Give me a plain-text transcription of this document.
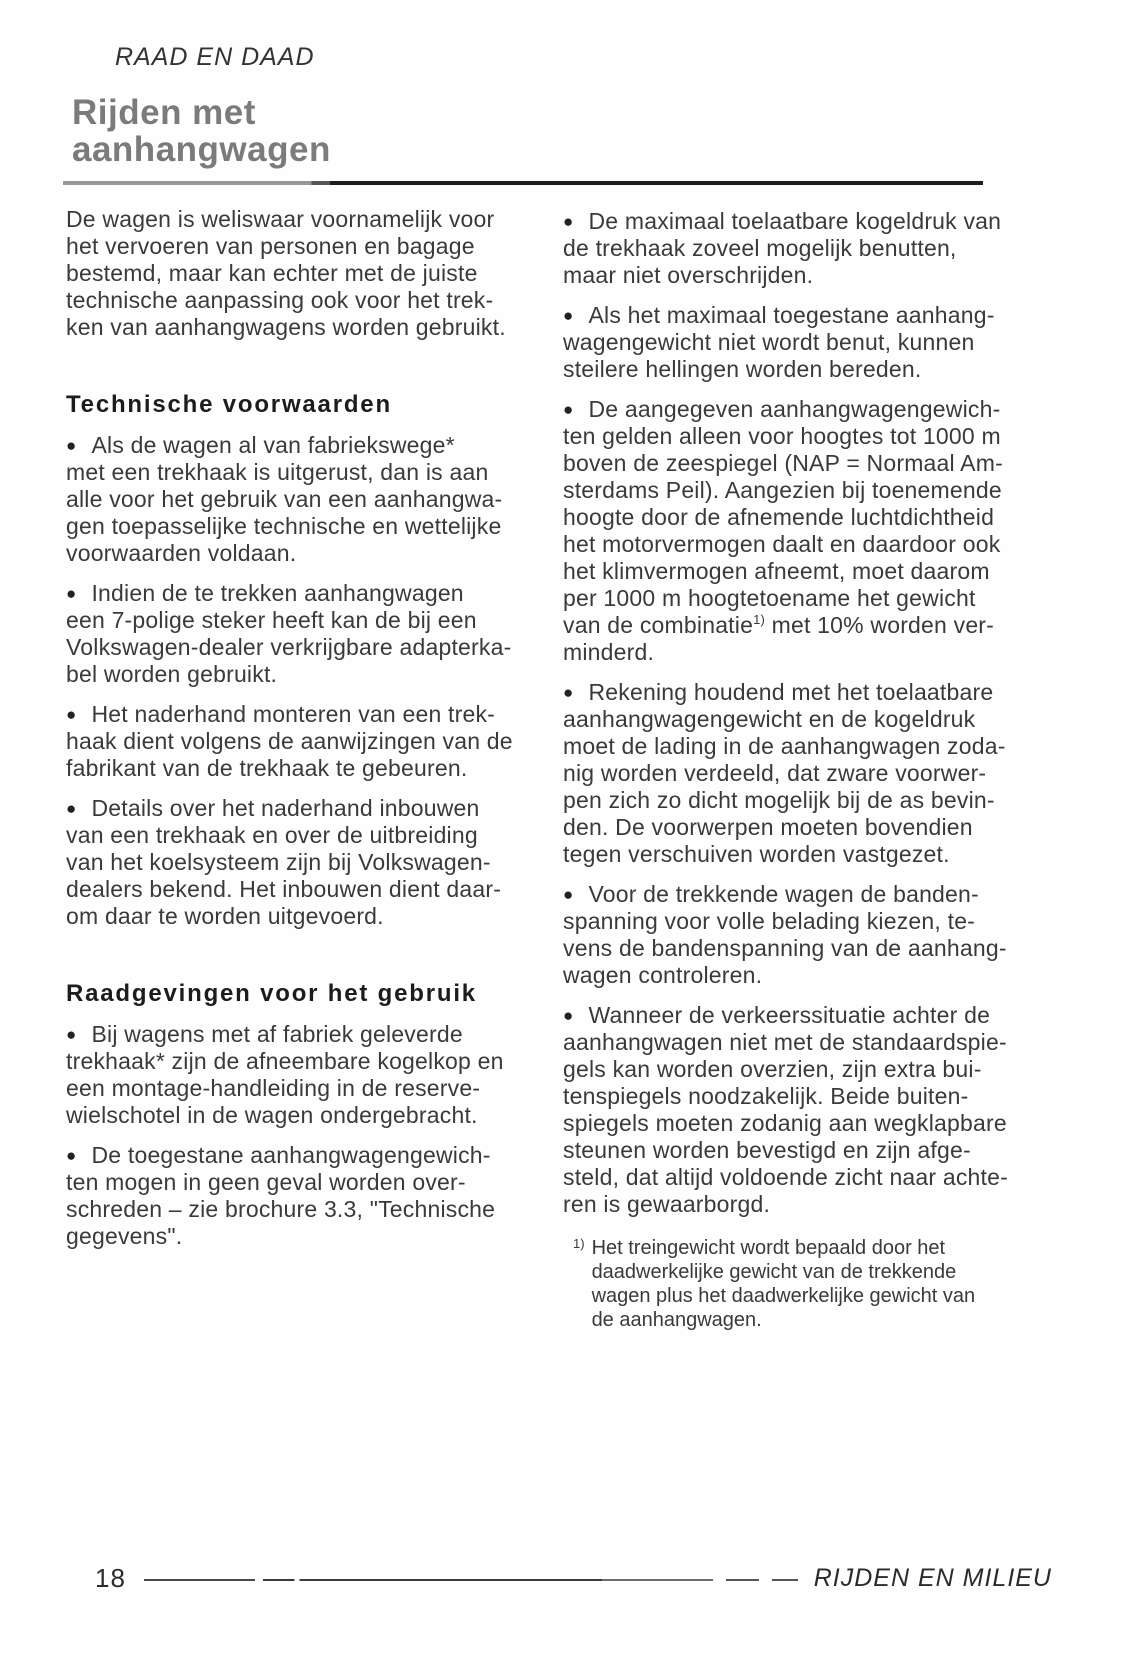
RAAD EN DAAD
Rijden met
aanhangwagen

De wagen is weliswaar voornamelijk voor
het vervoeren van personen en bagage
bestemd, maar kan echter met de juiste
technische aanpassing ook voor het trek-
ken van aanhangwagens worden gebruikt.

Technische voorwaarden

● Als de wagen al van fabriekswege*
met een trekhaak is uitgerust, dan is aan
alle voor het gebruik van een aanhangwa-
gen toepasselijke technische en wettelijke
voorwaarden voldaan.

● Indien de te trekken aanhangwagen
een 7-polige steker heeft kan de bij een
Volkswagen-dealer verkrijgbare adapterka-
bel worden gebruikt.

● Het naderhand monteren van een trek-
haak dient volgens de aanwijzingen van de
fabrikant van de trekhaak te gebeuren.

● Details over het naderhand inbouwen
van een trekhaak en over de uitbreiding
van het koelsysteem zijn bij Volkswagen-
dealers bekend. Het inbouwen dient daar-
om daar te worden uitgevoerd.

Raadgevingen voor het gebruik

● Bij wagens met af fabriek geleverde
trekhaak* zijn de afneembare kogelkop en
een montage-handleiding in de reserve-
wielschotel in de wagen ondergebracht.

● De toegestane aanhangwagengewich-
ten mogen in geen geval worden over-
schreden – zie brochure 3.3, "Technische
gegevens".

● De maximaal toelaatbare kogeldruk van
de trekhaak zoveel mogelijk benutten,
maar niet overschrijden.

● Als het maximaal toegestane aanhang-
wagengewicht niet wordt benut, kunnen
steilere hellingen worden bereden.

● De aangegeven aanhangwagengewich-
ten gelden alleen voor hoogtes tot 1000 m
boven de zeespiegel (NAP = Normaal Am-
sterdams Peil). Aangezien bij toenemende
hoogte door de afnemende luchtdichtheid
het motorvermogen daalt en daardoor ook
het klimvermogen afneemt, moet daarom
per 1000 m hoogtetoename het gewicht
van de combinatie$^{1)}$ met 10% worden ver-
minderd.

● Rekening houdend met het toelaatbare
aanhangwagengewicht en de kogeldruk
moet de lading in de aanhangwagen zoda-
nig worden verdeeld, dat zware voorwer-
pen zich zo dicht mogelijk bij de as bevin-
den. De voorwerpen moeten bovendien
tegen verschuiven worden vastgezet.

● Voor de trekkende wagen de banden-
spanning voor volle belading kiezen, te-
vens de bandenspanning van de aanhang-
wagen controleren.

● Wanneer de verkeerssituatie achter de
aanhangwagen niet met de standaardspie-
gels kan worden overzien, zijn extra bui-
tenspiegels noodzakelijk. Beide buiten-
spiegels moeten zodanig aan wegklapbare
steunen worden bevestigd en zijn afge-
steld, dat altijd voldoende zicht naar achte-
ren is gewaarborgd.

1) Het treingewicht wordt bepaald door het
daadwerkelijke gewicht van de trekkende
wagen plus het daadwerkelijke gewicht van
de aanhangwagen.
18	RIJDEN EN MILIEU
